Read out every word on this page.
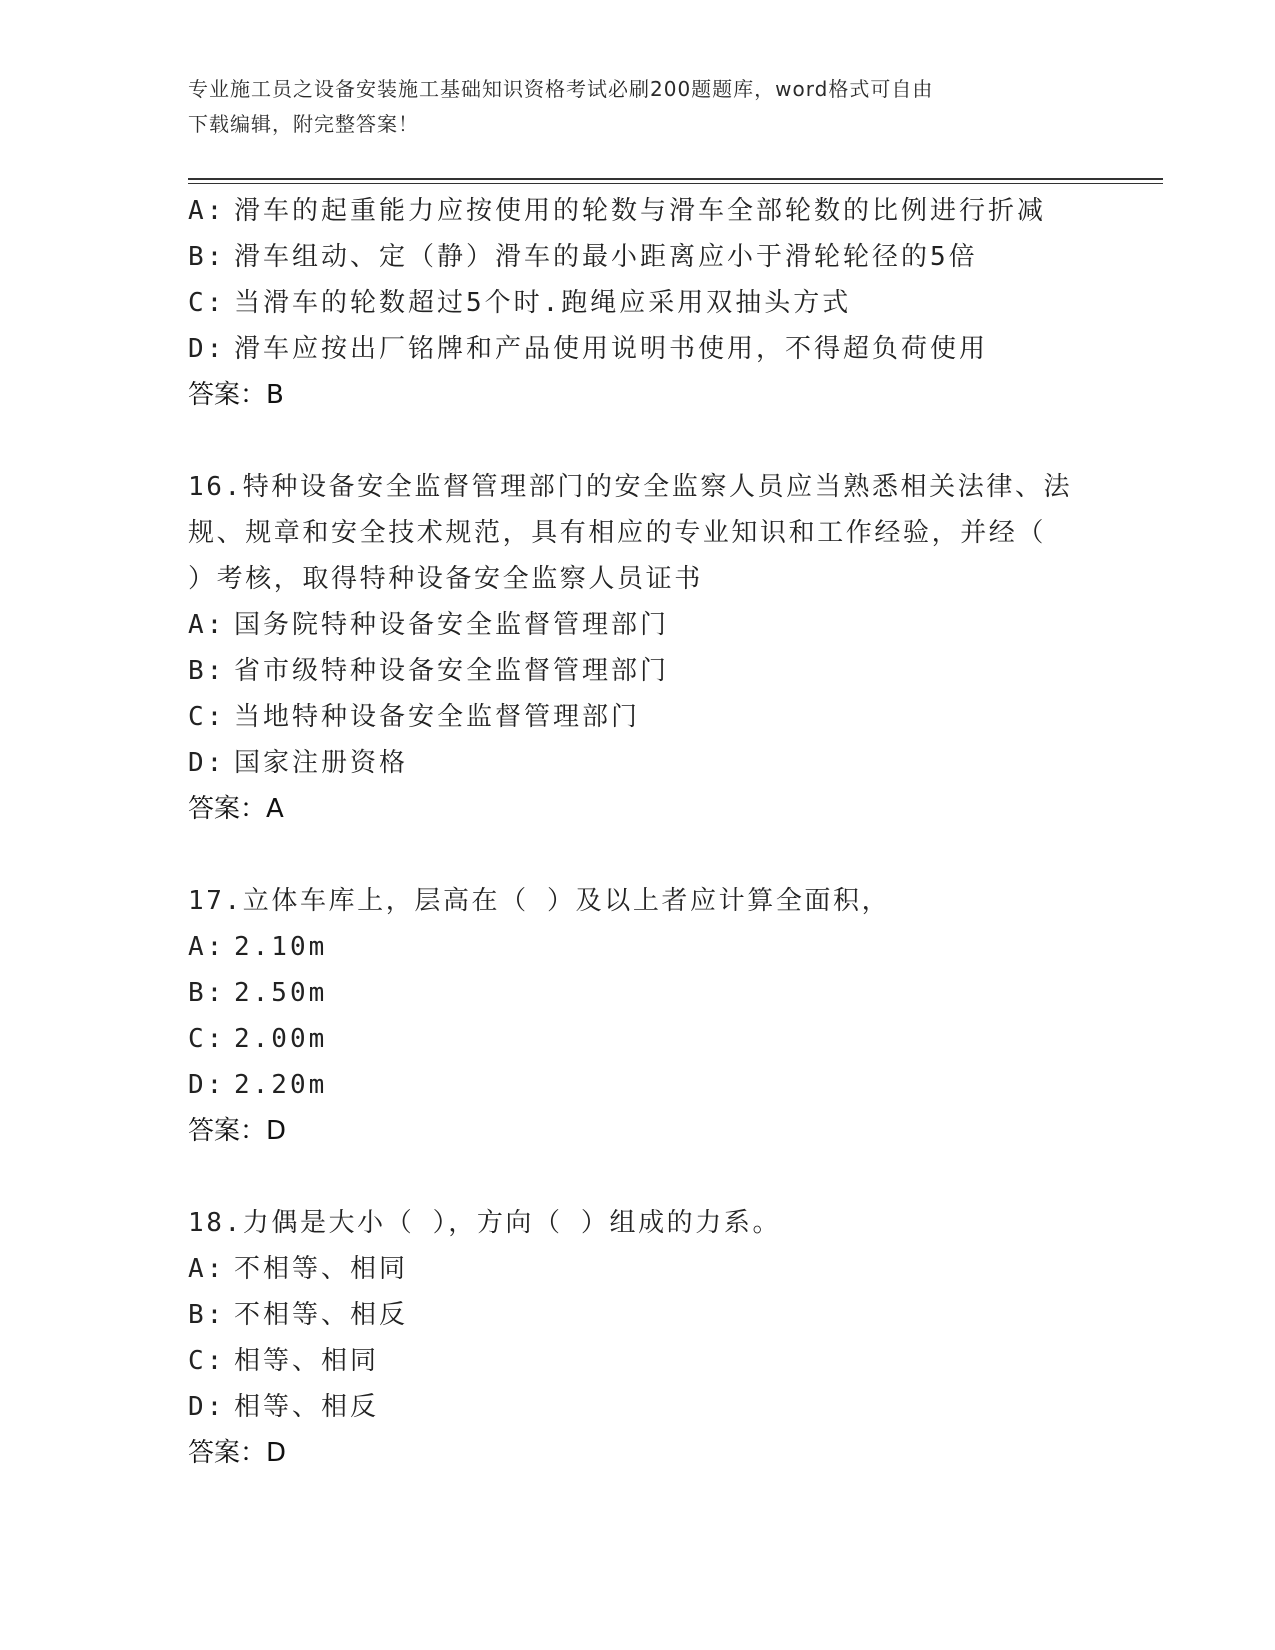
专业施工员之设备安装施工基础知识资格考试必刷200题题库，word格式可自由
下载编辑，附完整答案！
A: 滑车的起重能力应按使用的轮数与滑车全部轮数的比例进行折减
B: 滑车组动、定（静）滑车的最小距离应小于滑轮轮径的5倍
C: 当滑车的轮数超过5个时.跑绳应采用双抽头方式
D: 滑车应按出厂铭牌和产品使用说明书使用，不得超负荷使用
答案：B
16.特种设备安全监督管理部门的安全监察人员应当熟悉相关法律、法
规、规章和安全技术规范，具有相应的专业知识和工作经验，并经（
）考核，取得特种设备安全监察人员证书
A: 国务院特种设备安全监督管理部门
B: 省市级特种设备安全监督管理部门
C: 当地特种设备安全监督管理部门
D: 国家注册资格
答案：A
17.立体车库上，层高在（ ）及以上者应计算全面积，
A: 2.10m
B: 2.50m
C: 2.00m
D: 2.20m
答案：D
18.力偶是大小（ ），方向（ ）组成的力系。
A: 不相等、相同
B: 不相等、相反
C: 相等、相同
D: 相等、相反
答案：D
